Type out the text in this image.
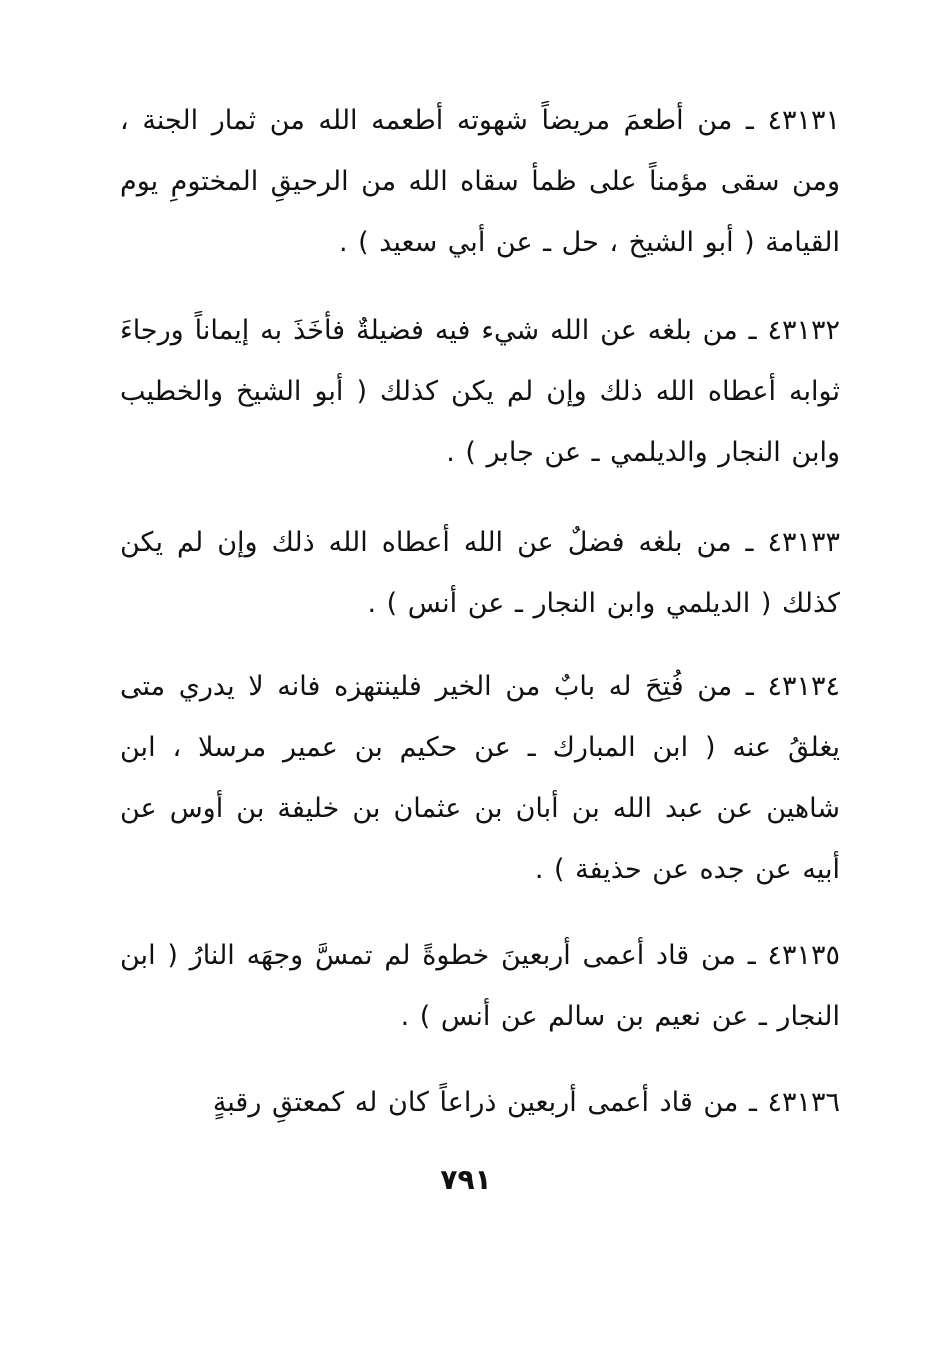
٤٣١٣١ ـ من أطعمَ مريضاً شهوته أطعمه الله من ثمار الجنة ، ومن سقى مؤمناً على ظمأ سقاه الله من الرحيقِ المختومِ يوم القيامة ( أبو الشيخ ، حل ـ عن أبي سعيد ) .

٤٣١٣٢ ـ من بلغه عن الله شيء فيه فضيلةٌ فأخَذَ به إيماناً ورجاءَ ثوابه أعطاه الله ذلك وإن لم يكن كذلك ( أبو الشيخ والخطيب وابن النجار والديلمي ـ عن جابر ) .

٤٣١٣٣ ـ من بلغه فضلٌ عن الله أعطاه الله ذلك وإن لم يكن كذلك ( الديلمي وابن النجار ـ عن أنس ) .

٤٣١٣٤ ـ من فُتِحَ له بابٌ من الخير فلينتهزه فانه لا يدري متى يغلقُ عنه ( ابن المبارك ـ عن حكيم بن عمير مرسلا ، ابن شاهين عن عبد الله بن أبان بن عثمان بن خليفة بن أوس عن أبيه عن جده عن حذيفة ) .

٤٣١٣٥ ـ من قاد أعمى أربعينَ خطوةً لم تمسَّ وجهَه النارُ ( ابن النجار ـ عن نعيم بن سالم عن أنس ) .

٤٣١٣٦ ـ من قاد أعمى أربعين ذراعاً كان له كمعتقِ رقبةٍ

٧٩١
